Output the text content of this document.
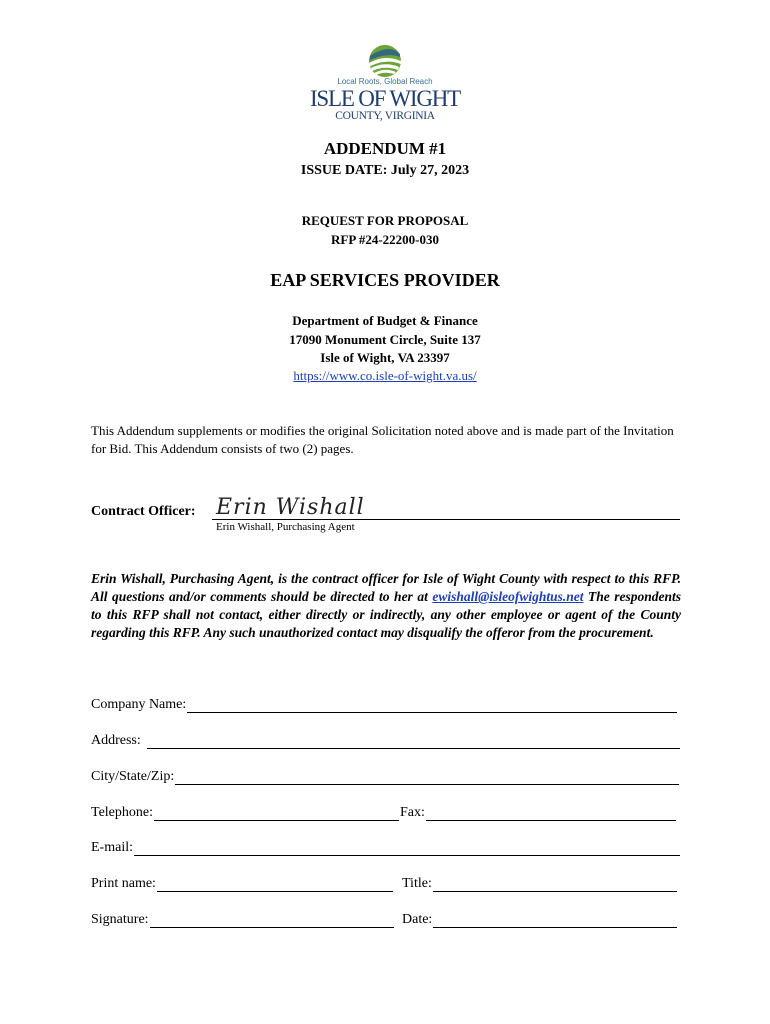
Local Roots, Global Reach
ISLE OF WIGHT
COUNTY, VIRGINIA
ADDENDUM #1
ISSUE DATE: July 27, 2023
REQUEST FOR PROPOSAL
RFP #24-22200-030
EAP SERVICES PROVIDER
Department of Budget & Finance
17090 Monument Circle, Suite 137
Isle of Wight, VA 23397
https://www.co.isle-of-wight.va.us/
This Addendum supplements or modifies the original Solicitation noted above and is made part of the Invitation for Bid. This Addendum consists of two (2) pages.
Contract Officer: Erin Wishall
Erin Wishall, Purchasing Agent
Erin Wishall, Purchasing Agent, is the contract officer for Isle of Wight County with respect to this RFP. All questions and/or comments should be directed to her at ewishall@isleofwightus.net The respondents to this RFP shall not contact, either directly or indirectly, any other employee or agent of the County regarding this RFP. Any such unauthorized contact may disqualify the offeror from the procurement.
Company Name:
Address:
City/State/Zip:
Telephone:	Fax:
E-mail:
Print name:	Title:
Signature:	Date:
